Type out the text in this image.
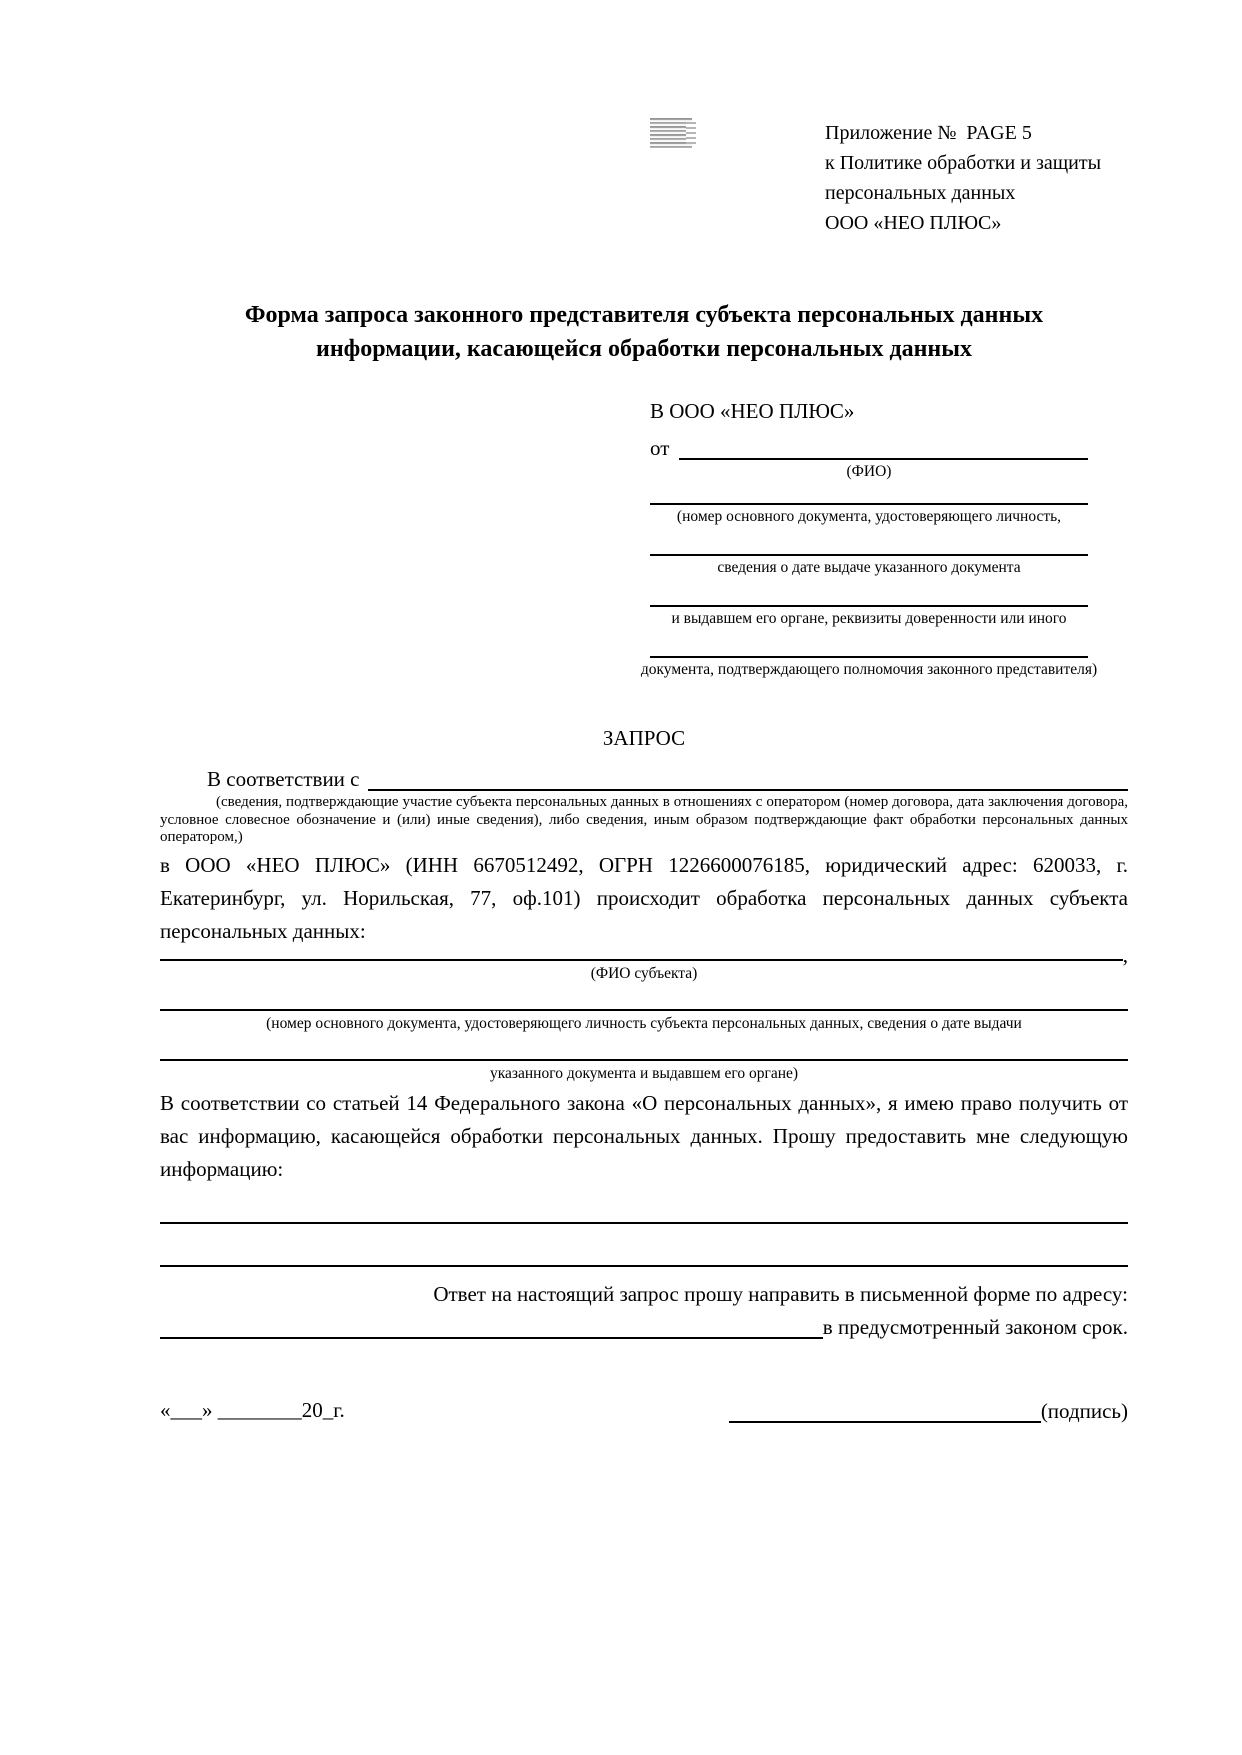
Приложение №  PAGE 5
к Политике обработки и защиты
персональных данных
ООО «НЕО ПЛЮС»
Форма запроса законного представителя субъекта персональных данных
информации, касающейся обработки персональных данных
В ООО «НЕО ПЛЮС»
от
(ФИО)
(номер основного документа, удостоверяющего личность,
сведения о дате выдаче указанного документа
и выдавшем его органе, реквизиты доверенности или иного
документа, подтверждающего полномочия законного представителя)
ЗАПРОС
В соответствии с
(сведения, подтверждающие участие субъекта персональных данных в отношениях с оператором (номер договора, дата заключения договора, условное словесное обозначение и (или) иные сведения), либо сведения, иным образом подтверждающие факт обработки персональных данных оператором,)
в ООО «НЕО ПЛЮС» (ИНН 6670512492, ОГРН 1226600076185, юридический адрес: 620033, г. Екатеринбург, ул. Норильская, 77, оф.101) происходит обработка персональных данных субъекта персональных данных:
,
(ФИО субъекта)
(номер основного документа, удостоверяющего личность субъекта персональных данных, сведения о дате выдачи
указанного документа и выдавшем его органе)
В соответствии со статьей 14 Федерального закона «О персональных данных», я имею право получить от вас информацию, касающейся обработки персональных данных. Прошу предоставить мне следующую информацию:
Ответ на настоящий запрос прошу направить в письменной форме по адресу:
в предусмотренный законом срок.
«___» ________20_г.	(подпись)
